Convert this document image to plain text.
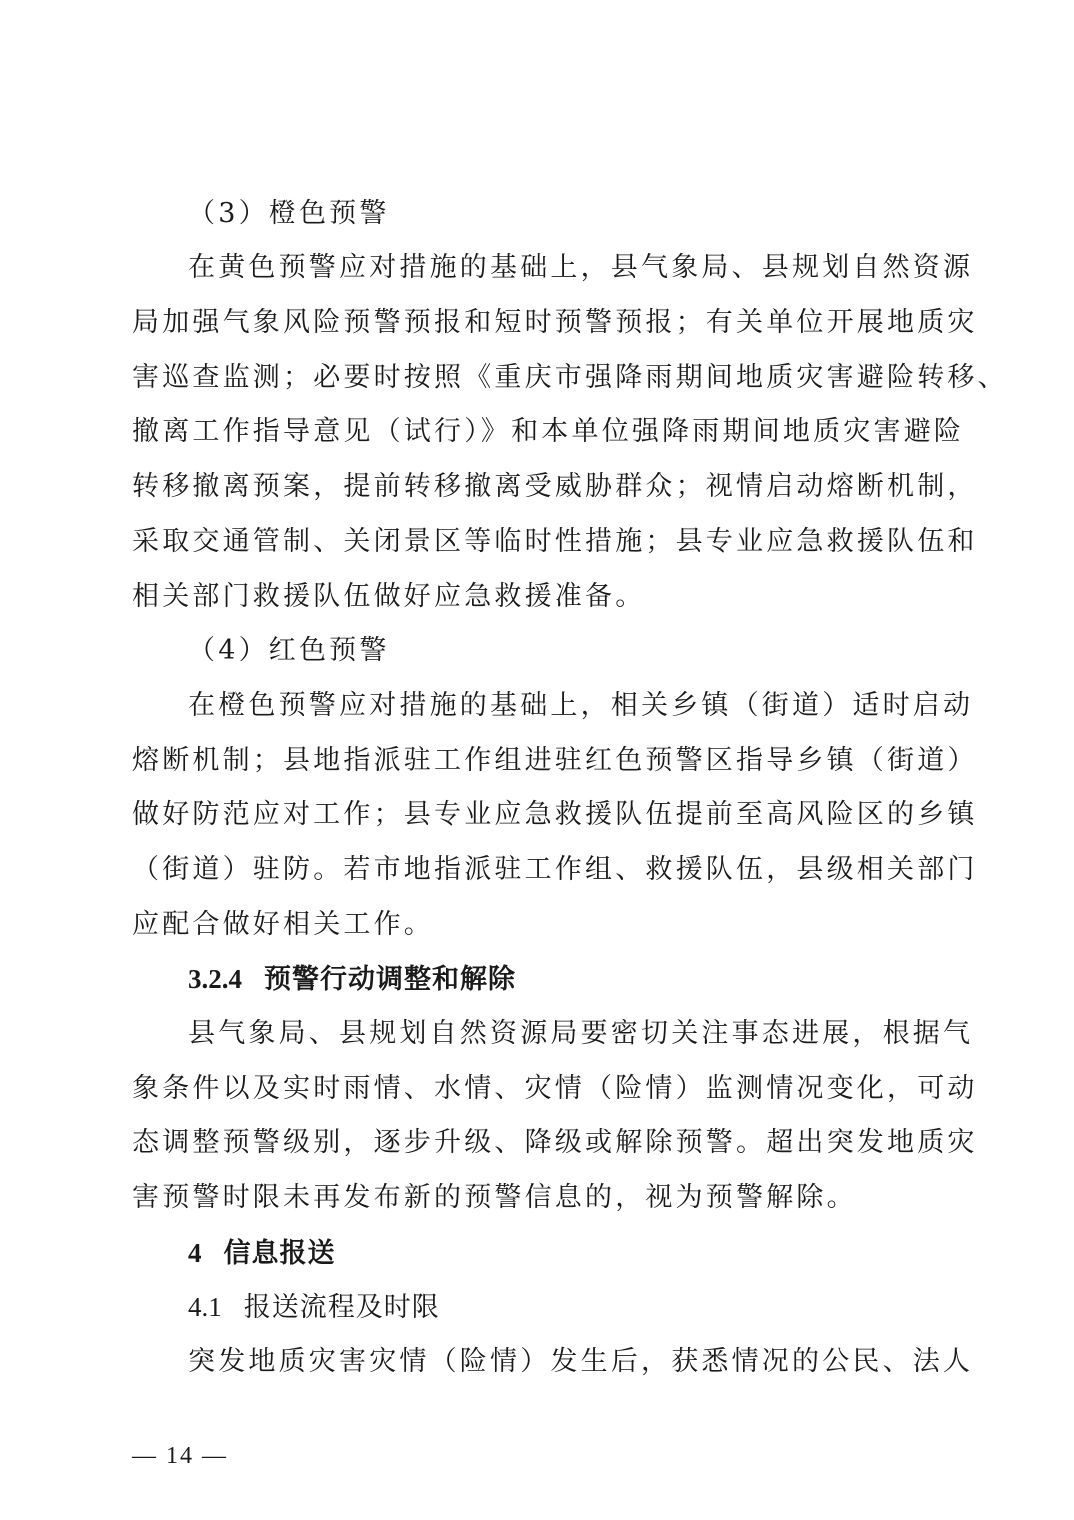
（3）橙色预警
在黄色预警应对措施的基础上，县气象局、县规划自然资源
局加强气象风险预警预报和短时预警预报；有关单位开展地质灾
害巡查监测；必要时按照《重庆市强降雨期间地质灾害避险转移、
撤离工作指导意见（试行）》和本单位强降雨期间地质灾害避险
转移撤离预案，提前转移撤离受威胁群众；视情启动熔断机制，
采取交通管制、关闭景区等临时性措施；县专业应急救援队伍和
相关部门救援队伍做好应急救援准备。
（4）红色预警
在橙色预警应对措施的基础上，相关乡镇（街道）适时启动
熔断机制；县地指派驻工作组进驻红色预警区指导乡镇（街道）
做好防范应对工作；县专业应急救援队伍提前至高风险区的乡镇
（街道）驻防。若市地指派驻工作组、救援队伍，县级相关部门
应配合做好相关工作。
3.2.4 预警行动调整和解除
县气象局、县规划自然资源局要密切关注事态进展，根据气
象条件以及实时雨情、水情、灾情（险情）监测情况变化，可动
态调整预警级别，逐步升级、降级或解除预警。超出突发地质灾
害预警时限未再发布新的预警信息的，视为预警解除。
4 信息报送
4.1 报送流程及时限
突发地质灾害灾情（险情）发生后，获悉情况的公民、法人
— 14 —
